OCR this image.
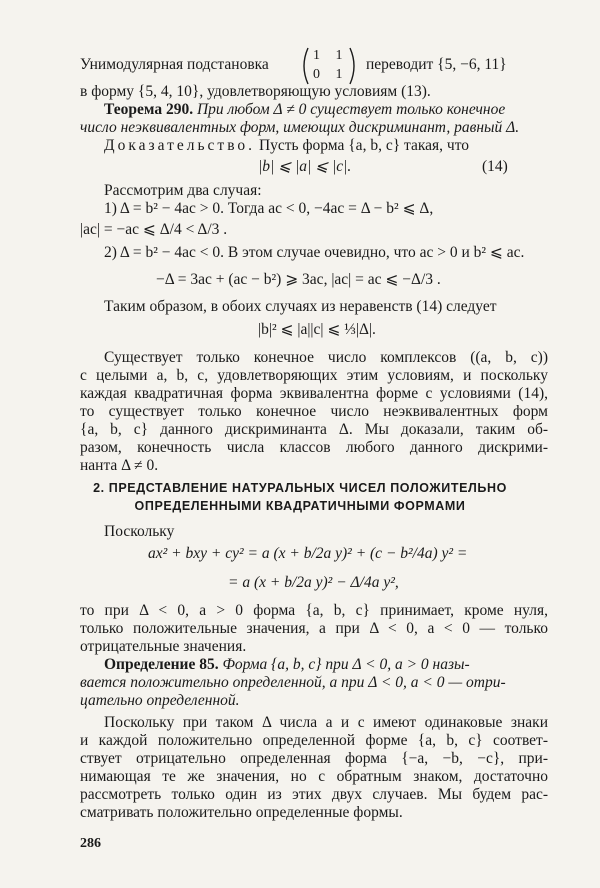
Унимодулярная подстановка
1 1
0 1
переводит {5, −6, 11}
в форму {5, 4, 10}, удовлетворяющую условиям (13).
Теорема 290. При любом Δ ≠ 0 существует только конечное
число неэквивалентных форм, имеющих дискриминант, равный Δ.
Доказательство. Пусть форма {a, b, c} такая, что
|b| ⩽ |a| ⩽ |c|.	(14)
Рассмотрим два случая:
1) Δ = b² − 4ac > 0. Тогда ac < 0, −4ac = Δ − b² ⩽ Δ,
|ac| = −ac ⩽ Δ/4 < Δ/3 .
2) Δ = b² − 4ac < 0. В этом случае очевидно, что ac > 0 и b² ⩽ ac.
−Δ = 3ac + (ac − b²) ⩾ 3ac, |ac| = ac ⩽ −Δ/3 .
Таким образом, в обоих случаях из неравенств (14) следует
|b|² ⩽ |a||c| ⩽ ⅓|Δ|.
Существует только конечное число комплексов ((a, b, c))
с целыми a, b, c, удовлетворяющих этим условиям, и поскольку
каждая квадратичная форма эквивалентна форме с условиями (14),
то существует только конечное число неэквивалентных форм
{a, b, c} данного дискриминанта Δ. Мы доказали, таким об-
разом, конечность числа классов любого данного дискрими-
нанта Δ ≠ 0.
2. ПРЕДСТАВЛЕНИЕ НАТУРАЛЬНЫХ ЧИСЕЛ ПОЛОЖИТЕЛЬНО
ОПРЕДЕЛЕННЫМИ КВАДРАТИЧНЫМИ ФОРМАМИ
Поскольку
ax² + bxy + cy² = a (x + b/2a y)² + (c − b²/4a) y² =
= a (x + b/2a y)² − Δ/4a y²,
то при Δ < 0, a > 0 форма {a, b, c} принимает, кроме нуля,
только положительные значения, а при Δ < 0, a < 0 — только
отрицательные значения.
Определение 85. Форма {a, b, c} при Δ < 0, a > 0 назы-
вается положительно определенной, а при Δ < 0, a < 0 — отри-
цательно определенной.
Поскольку при таком Δ числа a и c имеют одинаковые знаки
и каждой положительно определенной форме {a, b, c} соответ-
ствует отрицательно определенная форма {−a, −b, −c}, при-
нимающая те же значения, но с обратным знаком, достаточно
рассмотреть только один из этих двух случаев. Мы будем рас-
сматривать положительно определенные формы.
286
